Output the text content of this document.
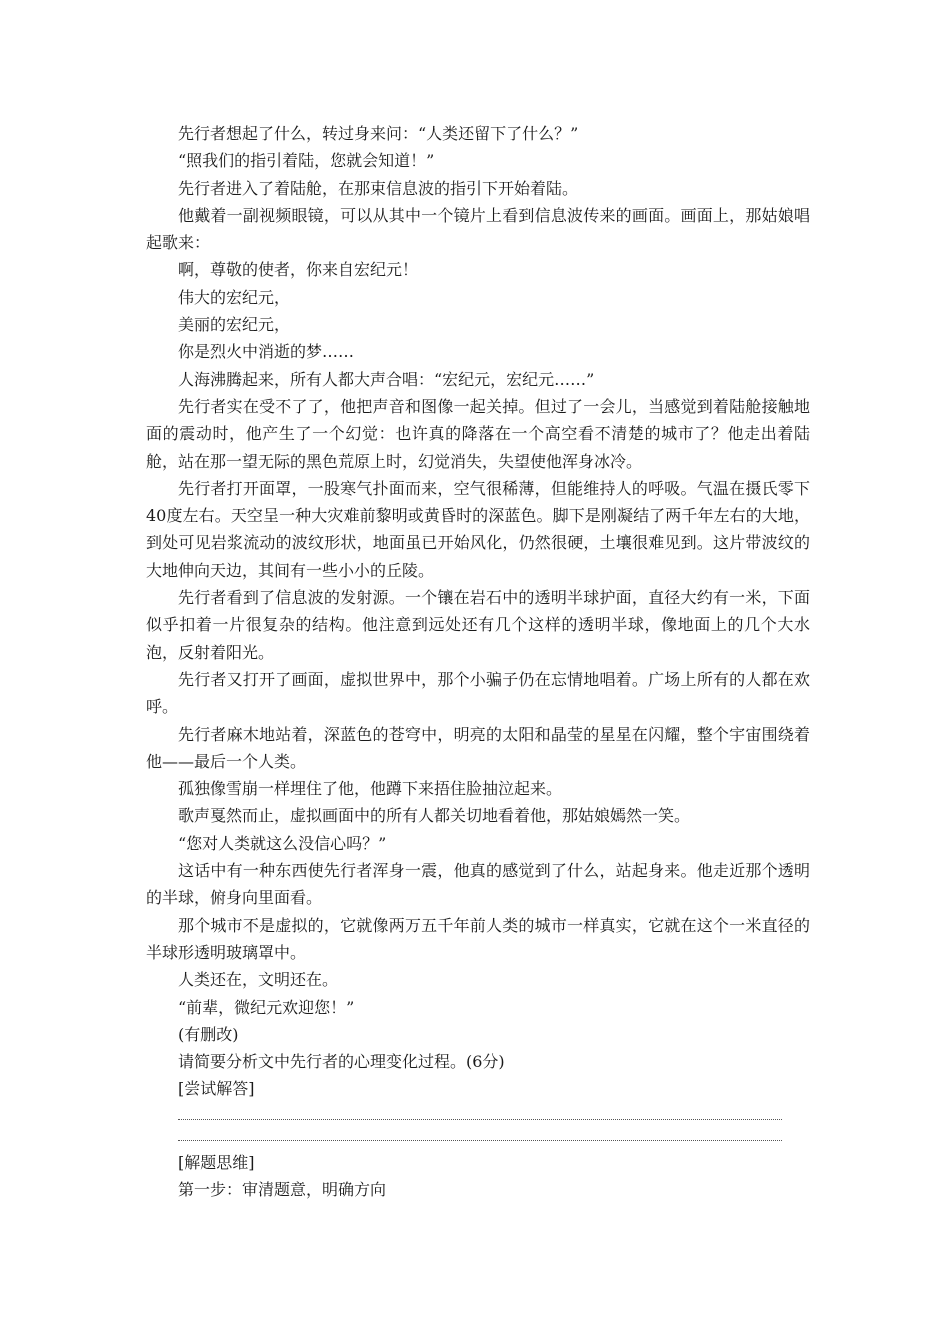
先行者想起了什么，转过身来问：“人类还留下了什么？”

“照我们的指引着陆，您就会知道！”

先行者进入了着陆舱，在那束信息波的指引下开始着陆。

他戴着一副视频眼镜，可以从其中一个镜片上看到信息波传来的画面。画面上，那姑娘唱起歌来：

啊，尊敬的使者，你来自宏纪元！

伟大的宏纪元，

美丽的宏纪元，

你是烈火中消逝的梦……

人海沸腾起来，所有人都大声合唱：“宏纪元，宏纪元……”

先行者实在受不了了，他把声音和图像一起关掉。但过了一会儿，当感觉到着陆舱接触地面的震动时，他产生了一个幻觉：也许真的降落在一个高空看不清楚的城市了？他走出着陆舱，站在那一望无际的黑色荒原上时，幻觉消失，失望使他浑身冰冷。

先行者打开面罩，一股寒气扑面而来，空气很稀薄，但能维持人的呼吸。气温在摄氏零下40度左右。天空呈一种大灾难前黎明或黄昏时的深蓝色。脚下是刚凝结了两千年左右的大地，到处可见岩浆流动的波纹形状，地面虽已开始风化，仍然很硬，土壤很难见到。这片带波纹的大地伸向天边，其间有一些小小的丘陵。

先行者看到了信息波的发射源。一个镶在岩石中的透明半球护面，直径大约有一米，下面似乎扣着一片很复杂的结构。他注意到远处还有几个这样的透明半球，像地面上的几个大水泡，反射着阳光。

先行者又打开了画面，虚拟世界中，那个小骗子仍在忘情地唱着。广场上所有的人都在欢呼。

先行者麻木地站着，深蓝色的苍穹中，明亮的太阳和晶莹的星星在闪耀，整个宇宙围绕着他——最后一个人类。

孤独像雪崩一样埋住了他，他蹲下来捂住脸抽泣起来。

歌声戛然而止，虚拟画面中的所有人都关切地看着他，那姑娘嫣然一笑。

“您对人类就这么没信心吗？”

这话中有一种东西使先行者浑身一震，他真的感觉到了什么，站起身来。他走近那个透明的半球，俯身向里面看。

那个城市不是虚拟的，它就像两万五千年前人类的城市一样真实，它就在这个一米直径的半球形透明玻璃罩中。

人类还在，文明还在。

“前辈，微纪元欢迎您！”

(有删改)

请简要分析文中先行者的心理变化过程。(6分)

[尝试解答]

[解题思维]

第一步：审清题意，明确方向
